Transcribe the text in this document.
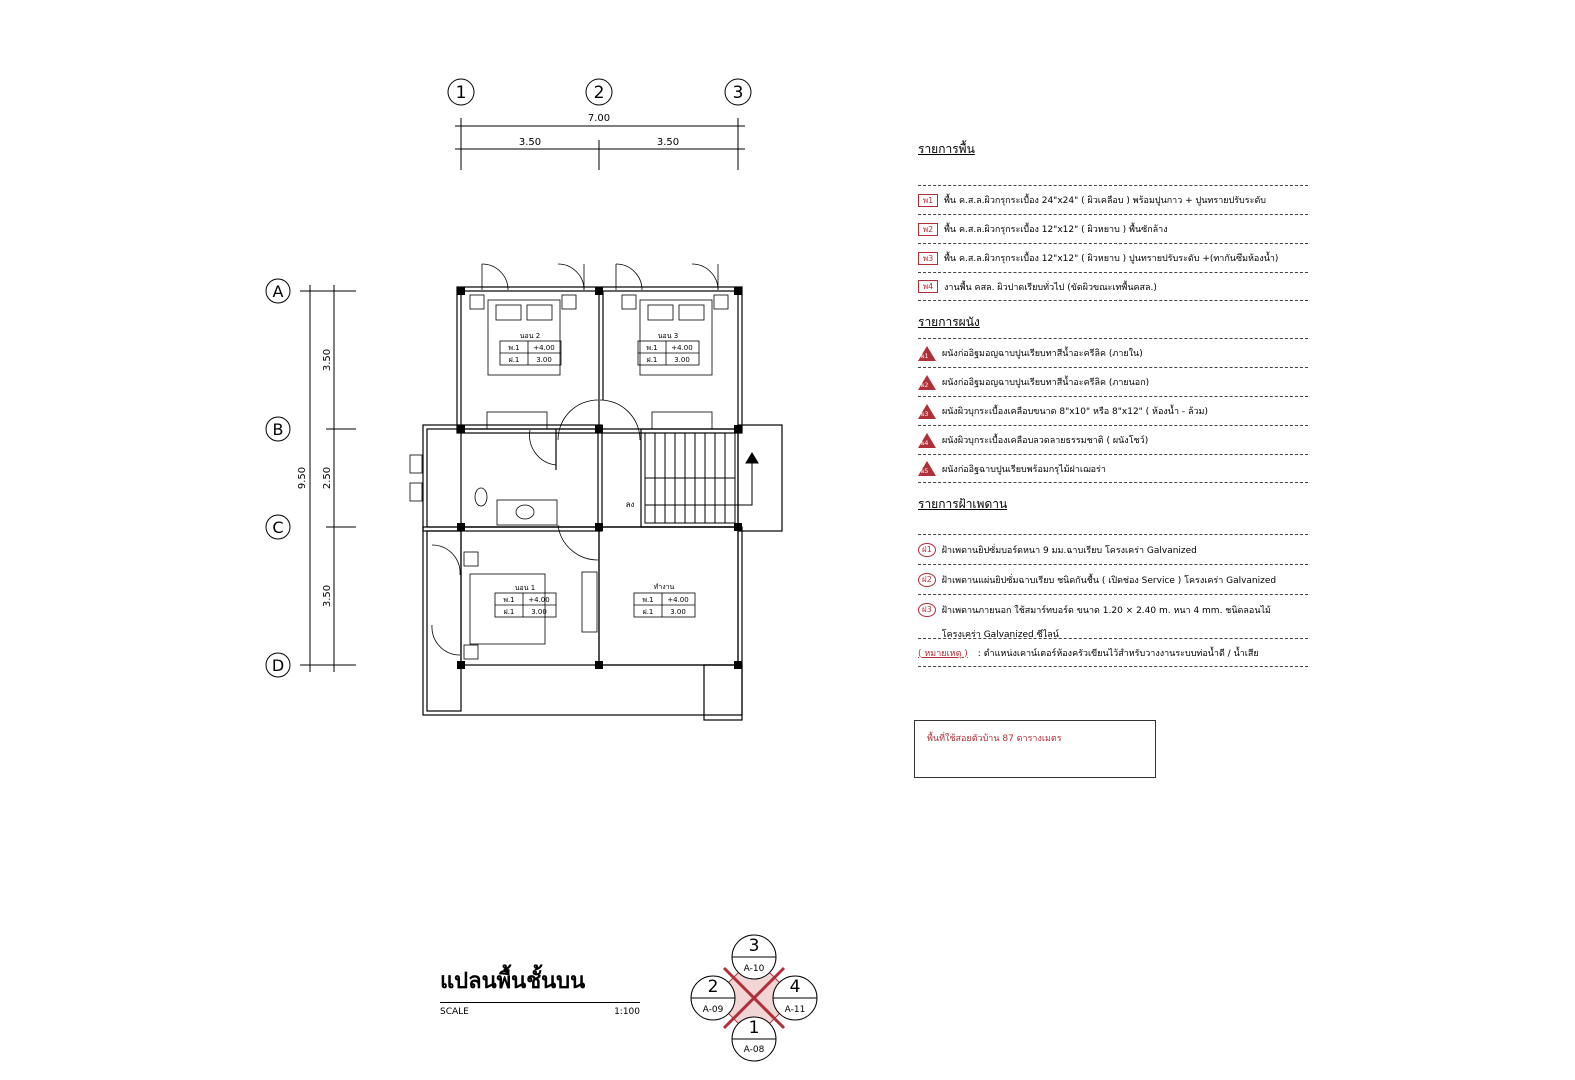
1	2	3
7.00
3.50	3.50
A
B
C
D
9.50
3.50
2.50
3.50
ลง
นอน 2
พ.1 +4.00
ฝ.1 3.00
นอน 3
พ.1 +4.00
ฝ.1 3.00
นอน 1
พ.1 +4.00
ฝ.1 3.00
ทำงาน
พ.1 +4.00
ฝ.1 3.00
3
A-10
2
A-09
4
A-11
1
A-08
รายการพื้น
พ1	พื้น ค.ส.ล.ผิวกรุกระเบื้อง 24"x24" ( ผิวเคลือบ ) พร้อมปูนกาว + ปูนทรายปรับระดับ
พ2	พื้น ค.ส.ล.ผิวกรุกระเบื้อง 12"x12" ( ผิวหยาบ ) พื้นซักล้าง
พ3	พื้น ค.ส.ล.ผิวกรุกระเบื้อง 12"x12" ( ผิวหยาบ ) ปูนทรายปรับระดับ +(ทากันซึมห้องน้ำ)
พ4	งานพื้น คสล. ผิวปาดเรียบทั่วไป (ขัดผิวขณะเทพื้นคสล.)
รายการผนัง
ผ1 ผนังก่ออิฐมอญฉาบปูนเรียบทาสีน้ำอะครีลิค (ภายใน)
ผ2 ผนังก่ออิฐมอญฉาบปูนเรียบทาสีน้ำอะครีลิค (ภายนอก)
ผ3 ผนังผิวบุกระเบื้องเคลือบขนาด 8"x10" หรือ 8"x12" ( ห้องน้ำ - ล้วม)
ผ4 ผนังผิวบุกระเบื้องเคลือบลวดลายธรรมชาติ ( ผนังโชว์)
ผ5 ผนังก่ออิฐฉาบปูนเรียบพร้อมกรุไม้ฝาเฌอร่า
รายการฝ้าเพดาน
ฝ1	ฝ้าเพดานยิปซั่มบอร์ดหนา 9 มม.ฉาบเรียบ โครงเคร่า Galvanized
ฝ2	ฝ้าเพดานแผ่นยิปซั่มฉาบเรียบ ชนิดกันชื้น ( เปิดช่อง Service ) โครงเคร่า Galvanized
ฝ3	ฝ้าเพดานภายนอก ใช้สมาร์ทบอร์ด ขนาด 1.20 × 2.40 m. หนา 4 mm. ชนิดลอนไม้
โครงเคร่า Galvanized ซีไลน์
( หมายเหตุ ) : ตำแหน่งเคาน์เตอร์ห้องครัวเขียนไว้สำหรับวางงานระบบท่อน้ำดี / น้ำเสีย
พื้นที่ใช้สอยตัวบ้าน 87 ตารางเมตร
แปลนพื้นชั้นบน
SCALE	1:100
